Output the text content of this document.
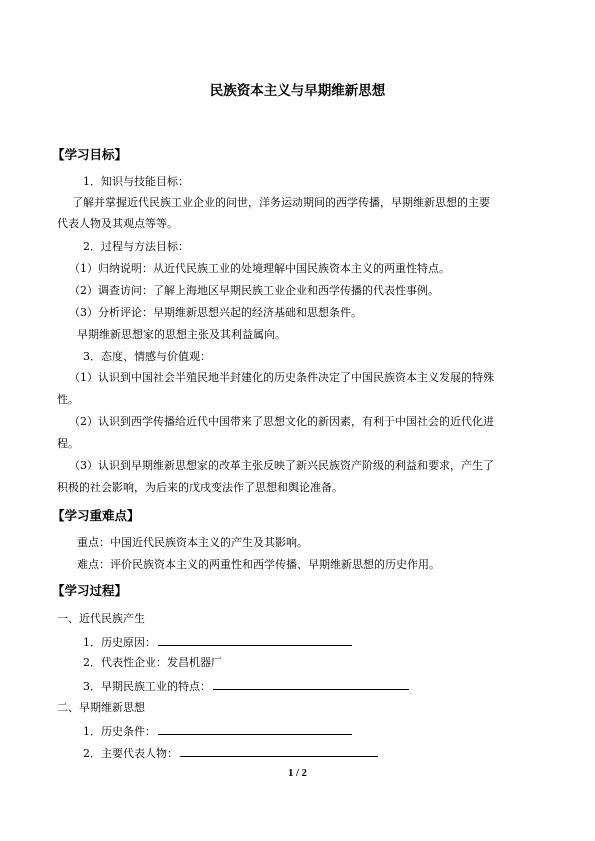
民族资本主义与早期维新思想
【学习目标】
1．知识与技能目标：
了解并掌握近代民族工业企业的问世，洋务运动期间的西学传播，早期维新思想的主要
代表人物及其观点等等。
2．过程与方法目标：
（1）归纳说明：从近代民族工业的处境理解中国民族资本主义的两重性特点。
（2）调查访问：了解上海地区早期民族工业企业和西学传播的代表性事例。
（3）分析评论：早期维新思想兴起的经济基础和思想条件。
早期维新思想家的思想主张及其利益属向。
3．态度、情感与价值观：
（1）认识到中国社会半殖民地半封建化的历史条件决定了中国民族资本主义发展的特殊
性。
（2）认识到西学传播给近代中国带来了思想文化的新因素，有利于中国社会的近代化进
程。
（3）认识到早期维新思想家的改革主张反映了新兴民族资产阶级的利益和要求，产生了
积极的社会影响，为后来的戊戌变法作了思想和舆论准备。
【学习重难点】
重点：中国近代民族资本主义的产生及其影响。
难点：评价民族资本主义的两重性和西学传播、早期维新思想的历史作用。
【学习过程】
一、近代民族产生
1．历史原因：
2．代表性企业：发昌机器厂
3．早期民族工业的特点：
二、早期维新思想
1．历史条件：
2．主要代表人物：
1 / 2
